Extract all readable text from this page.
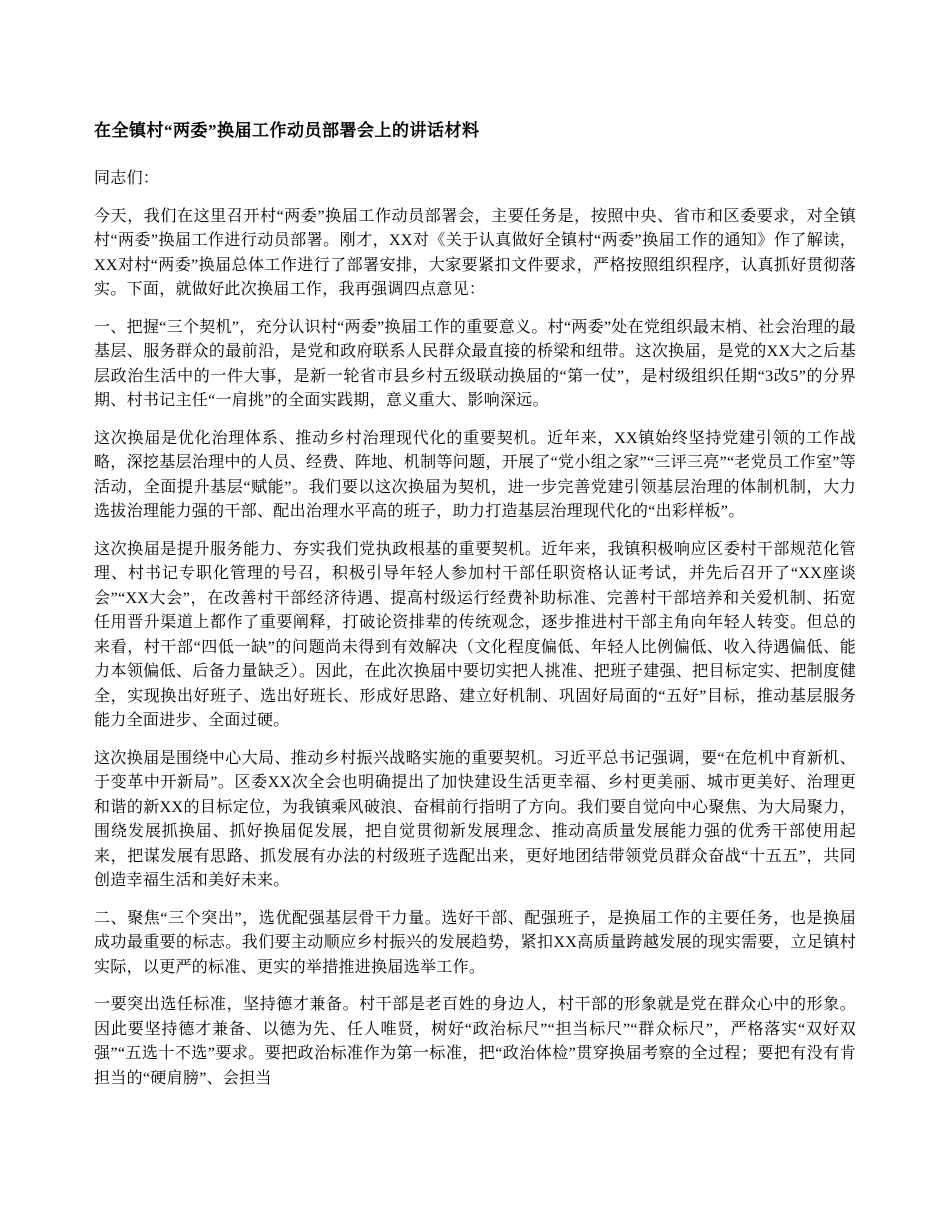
在全镇村“两委”换届工作动员部署会上的讲话材料

同志们：

今天，我们在这里召开村“两委”换届工作动员部署会，主要任务是，按照中央、省市和区委要求，对全镇村“两委”换届工作进行动员部署。刚才，XX对《关于认真做好全镇村“两委”换届工作的通知》作了解读，XX对村“两委”换届总体工作进行了部署安排，大家要紧扣文件要求，严格按照组织程序，认真抓好贯彻落实。下面，就做好此次换届工作，我再强调四点意见：

一、把握“三个契机”，充分认识村“两委”换届工作的重要意义。村“两委”处在党组织最末梢、社会治理的最基层、服务群众的最前沿，是党和政府联系人民群众最直接的桥梁和纽带。这次换届，是党的XX大之后基层政治生活中的一件大事，是新一轮省市县乡村五级联动换届的“第一仗”，是村级组织任期“3改5”的分界期、村书记主任“一肩挑”的全面实践期，意义重大、影响深远。

这次换届是优化治理体系、推动乡村治理现代化的重要契机。近年来，XX镇始终坚持党建引领的工作战略，深挖基层治理中的人员、经费、阵地、机制等问题，开展了“党小组之家”“三评三亮”“老党员工作室”等活动，全面提升基层“赋能”。我们要以这次换届为契机，进一步完善党建引领基层治理的体制机制，大力选拔治理能力强的干部、配出治理水平高的班子，助力打造基层治理现代化的“出彩样板”。

这次换届是提升服务能力、夯实我们党执政根基的重要契机。近年来，我镇积极响应区委村干部规范化管理、村书记专职化管理的号召，积极引导年轻人参加村干部任职资格认证考试，并先后召开了“XX座谈会”“XX大会”，在改善村干部经济待遇、提高村级运行经费补助标准、完善村干部培养和关爱机制、拓宽任用晋升渠道上都作了重要阐释，打破论资排辈的传统观念，逐步推进村干部主角向年轻人转变。但总的来看，村干部“四低一缺”的问题尚未得到有效解决（文化程度偏低、年轻人比例偏低、收入待遇偏低、能力本领偏低、后备力量缺乏）。因此，在此次换届中要切实把人挑准、把班子建强、把目标定实、把制度健全，实现换出好班子、选出好班长、形成好思路、建立好机制、巩固好局面的“五好”目标，推动基层服务能力全面进步、全面过硬。

这次换届是围绕中心大局、推动乡村振兴战略实施的重要契机。习近平总书记强调，要“在危机中育新机、于变革中开新局”。区委XX次全会也明确提出了加快建设生活更幸福、乡村更美丽、城市更美好、治理更和谐的新XX的目标定位，为我镇乘风破浪、奋楫前行指明了方向。我们要自觉向中心聚焦、为大局聚力，围绕发展抓换届、抓好换届促发展，把自觉贯彻新发展理念、推动高质量发展能力强的优秀干部使用起来，把谋发展有思路、抓发展有办法的村级班子选配出来，更好地团结带领党员群众奋战“十五五”，共同创造幸福生活和美好未来。

二、聚焦“三个突出”，选优配强基层骨干力量。选好干部、配强班子，是换届工作的主要任务，也是换届成功最重要的标志。我们要主动顺应乡村振兴的发展趋势，紧扣XX高质量跨越发展的现实需要，立足镇村实际，以更严的标准、更实的举措推进换届选举工作。

一要突出选任标准，坚持德才兼备。村干部是老百姓的身边人，村干部的形象就是党在群众心中的形象。因此要坚持德才兼备、以德为先、任人唯贤，树好“政治标尺”“担当标尺”“群众标尺”，严格落实“双好双强”“五选十不选”要求。要把政治标准作为第一标准，把“政治体检”贯穿换届考察的全过程；要把有没有肯担当的“硬肩膀”、会担当
